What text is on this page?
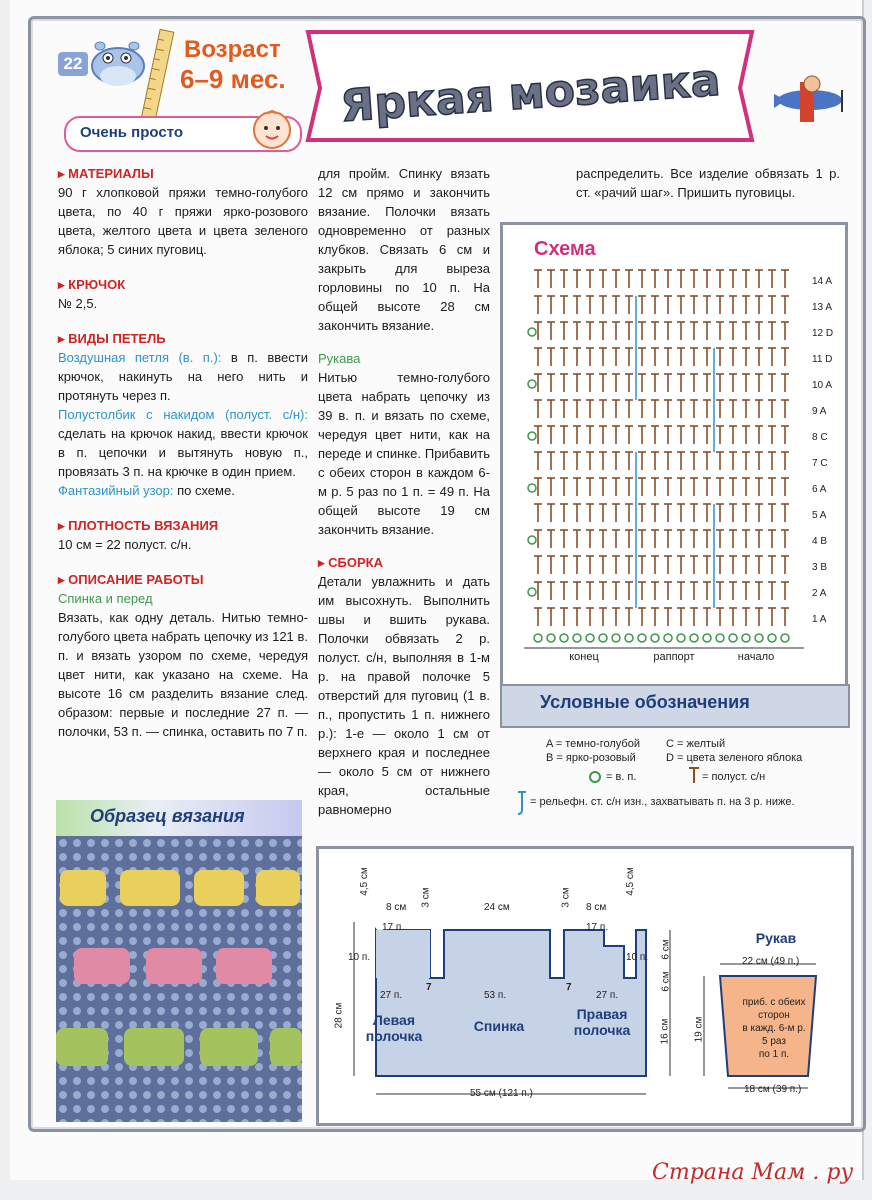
22
Возраст
6–9 мес.
Очень просто
Яркая мозаика
▸ МАТЕРИАЛЫ
90 г хлопковой пряжи темно-голубого цвета, по 40 г пряжи ярко-розового цвета, желтого цвета и цвета зеленого яблока; 5 синих пуговиц.
▸ КРЮЧОК
№ 2,5.
▸ ВИДЫ ПЕТЕЛЬ
Воздушная петля (в. п.): в п. ввести крючок, накинуть на него нить и протянуть через п.
Полустолбик с накидом (полуст. с/н): сделать на крючок накид, ввести крючок в п. цепочки и вытянуть новую п., провязать 3 п. на крючке в один прием.
Фантазийный узор: по схеме.
▸ ПЛОТНОСТЬ ВЯЗАНИЯ
10 см = 22 полуст. с/н.
▸ ОПИСАНИЕ РАБОТЫ
Спинка и перед
Вязать, как одну деталь. Нитью темно-голубого цвета набрать цепочку из 121 в. п. и вязать узором по схеме, чередуя цвет нити, как указано на схеме. На высоте 16 см разделить вязание след. образом: первые и последние 27 п. — полочки, 53 п. — спинка, оставить по 7 п.
для пройм. Спинку вязать 12 см прямо и закончить вязание. Полочки вязать одновременно от разных клубков. Связать 6 см и закрыть для выреза горловины по 10 п. На общей высоте 28 см закончить вязание.
Рукава
Нитью темно-голубого цвета набрать цепочку из 39 в. п. и вязать по схеме, чередуя цвет нити, как на переде и спинке. Прибавить с обеих сторон в каждом 6-м р. 5 раз по 1 п. = 49 п. На общей высоте 19 см закончить вязание.
▸ СБОРКА
Детали увлажнить и дать им высохнуть. Выполнить швы и вшить рукава. Полочки обвязать 2 р. полуст. с/н, выполняя в 1-м р. на правой полочке 5 отверстий для пуговиц (1 в. п., пропустить 1 п. нижнего р.): 1-е — около 1 см от верхнего края и последнее — около 5 см от нижнего края, остальные равномерно
распределить. Все изделие обвязать 1 р. ст. «рачий шаг». Пришить пуговицы.
Схема
14 A
13 A
12 D
11 D
10 A
9 A
8 C
7 C
6 A
5 A
4 B
3 B
2 A
1 A
конец	раппорт	начало
Условные обозначения
A = темно-голубой
B = ярко-розовый
C = желтый
D = цвета зеленого яблока
= в. п.	= полуст. с/н
= рельефн. ст. с/н изн., захватывать п. на 3 р. ниже.
Образец вязания
4,5 см
8 см 3 см	24 см	3 см 8 см
4,5 см
17 п.	17 п.
10 п.	10 п.
27 п.	53 п.	27 п.
7	7
Левая
полочка
Спинка
Правая
полочка
28 см
55 см (121 п.)
6 см
6 см
16 см
Рукав
22 см (49 п.)
18 см (39 п.)
19 см
приб. с обеих
сторон
в кажд. 6-м р.
5 раз
по 1 п.
Страна Мам . ру
